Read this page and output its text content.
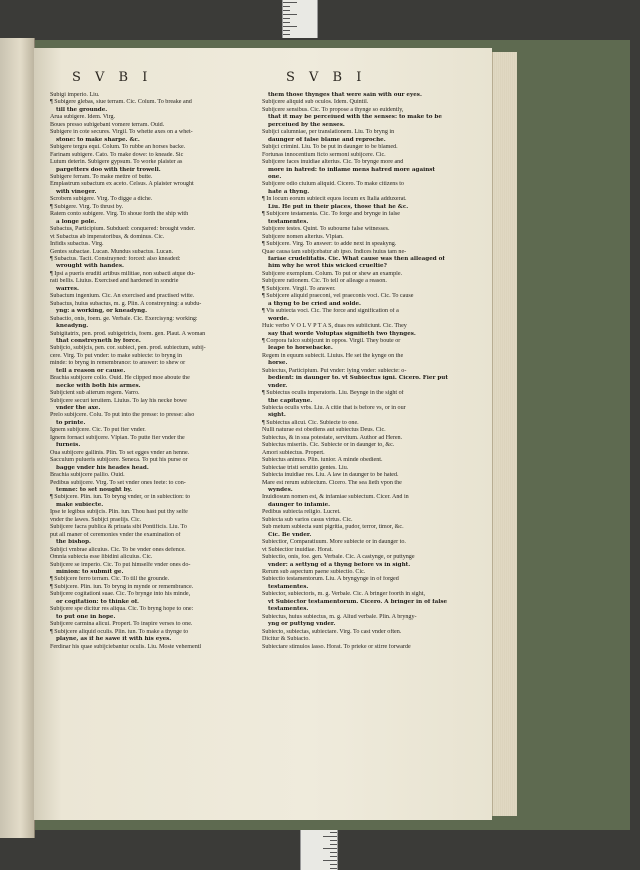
S V B I	S V B I
Subigi imperio. Liu.
¶ Subigere glebas, siue terram. Cic. Colum. To breake and
till the grounde.
Arua subigere. Idem. Virg.
Boues presso subigebant vomere terram. Ouid.
Subigere in cote secures. Virgil. To whette axes on a whet-
stone: to make sharpe. &c.
Subigere tergra equi. Colum. To rubbe an horses backe.
Farinam subigere. Cato. To make dowe: to kneade. Sic
Lutum deterin. Subigere gypsum. To worke plaister as
pargetters doo with their trowell.
Subigere ferram. To make mettre of butte.
Emplastrum subactum ex aceto. Celsus. A plaister wrought
with vineger.
Scrobem subigere. Virg. To digge a diche.
¶ Subigere. Virg. To thrust by.
Ratem conto subigere. Virg. To shoue forth the ship with
a longe pole.
Subactus, Participium. Subdued: conquered: brought vnder.
vt Subactus ab imperatoribus, & dominus. Cic.
Infidis subactus. Virg.
Gentes subactae. Lucan. Mundus subactus. Lucan.
¶ Subactus. Tacit. Constrayned: forced: also kneaded:
wrought with handes.
¶ Ipsi a pueris eruditi artibus militiae, non subacti atque du-
rati bellis. Liuius. Exercised and hardened in sondrie
warres.
Subactum ingenium. Cic. An exercised and practised witte.
Subactus, huius subactus, m. g. Plin. A constreyning: a subdu-
yng: a working, or kneadyng.
Subactio, onis, foem. ge. Verbale. Cic. Exercisyng: working:
kneadyng.
Subigitatrix, pen. prod. subigetricis, foem. gen. Plaut. A woman
that constreyneth by force.
Subijcio, subijcis, pen. cor. subieci, pen. prod. subiectum, subij-
cere. Virg. To put vnder: to make subiecte: to bryng in
minde: to bryng in remembrance: to answer: to shew or
tell a reason or cause.
Brachia subijcere collo. Ouid. He clipped moe aboute the
necke with both his armes.
Subijcient sub alterum regem. Varro.
Subijcere securi teruitem. Liuius. To lay his necke bowe
vnder the axe.
Prelo subijcere. Colu. To put into the presse: to presse: also
to printe.
Ignem subijcere. Cic. To put fier vnder.
Ignem fornaci subijcere. Vlpian. To putte fier vnder the
furneis.
Oua subijcere gallinis. Plin. To set egges vnder an henne.
Sacculum pulueris subijcere. Seneca. To put his purse or
bagge vnder his heades head.
Brachia subijcere pallio. Ouid.
Pedibus subijcere. Virg. To set vnder ones feete: to con-
temne: to set nought by.
¶ Subijcere. Plin. iun. To bryng vnder, or in subiection: to
make subiecte.
Ipse te legibus subijcis. Plin. iun. Thou hast put thy selfe
vnder the lawes. Subijci praelijs. Cic.
Subijcere facra publica & priuata sibi Pontificis. Liu. To
put all maner of ceremonies vnder the examination of
the bishop.
Subijci vmbrae alicuius. Cic. To be vnder ones defence.
Omnia subiecta esse libidini alicuius. Cic.
Subijcere se imperio. Cic. To put himselfe vnder ones do-
minion: to submit ge.
¶ Subijcere ferro terram. Cic. To till the grounde.
¶ Subijcere. Plin. iun. To bryng in mynde or remembrance.
Subijcere cogitationi suae. Cic. To brynge into his minde,
or cogitation: to thinke of.
Subijcere spe dicitur res aliqua. Cic. To bryng hope to one:
to put one in hope.
Subijcere carmina alicui. Propert. To inspire verses to one.
¶ Subijcere aliquid oculis. Plin. iun. To make a thynge to
playne, as if he sawe it with his eyes.
Ferdinar his quae subijciebantur oculis. Liu. Moste vehementl
them those thynges that were sain with our eyes.
Subijcere aliquid sub oculos. Idem. Quintil.
Subijcere sensibus. Cic. To propose a thynge so euidently,
that it may be perceiued with the senses: to make to be
perceiued by the senses.
Subijci calumniae, per translationem. Liu. To bryng in
daunger of false blame and reproche.
Subijci crimini. Liu. To be put in daunger to be blamed.
Fortunas innocentium ficto sermoni subijcere. Cic.
Subijcere faces inuidiae alterius. Cic. To brynge more and
more in hatred: to inflame mens hatred more against
one.
Subijcere odio ciuium aliquid. Cicero. To make citizens to
hate a thyng.
¶ In locum eorum subiecit equos locum ex Italia adduxerat.
Liu. He put in their places, those that he &c.
¶ Subijcere testamenta. Cic. To forge and brynge in false
testamentes.
Subijcere testes. Quint. To subourne false witnesses.
Subijcere nomen alterius. Vlpian.
¶ Subijcere. Virg. To answer: to adde next in speakyng.
Quae causa tam subijcebatur ab ipso. Indices huius tam ne-
fariae crudelitatis. Cic. What cause was then alleaged of
him why he wrot this wicked crueltie?
Subijcere exemplum. Colum. To put or shew an example.
Subijcere rationem. Cic. To tell or alleage a reason.
¶ Subijcere. Virgil. To answer.
¶ Subijcere aliquid praeconi, vel praeconis voci. Cic. To cause
a thyng to be cried and solde.
¶ Vis subiecta voci. Cic. The force and signification of a
worde.
Huic verbo V O L V P T A S, duas res subiiciunt. Cic. They
say that worde Voluptas signifieth two thynges.
¶ Corpora falco subijcunt in oppos. Virgil. They boute or
leape to horsebacke.
Regem in equum subiecit. Liuius. He set the kynge on the
horse.
Subiectus, Participium. Put vnder: lying vnder: subiecte: o-
bedient: in daunger to. vt Subiectus igni. Cicero. Fier put
vnder.
¶ Subiectus oculis imperatoris. Liu. Beynge in the sight of
the capitayne.
Subiecta oculis vrbs. Liu. A citie that is before vs, or in our
sight.
¶ Subiectus alicui. Cic. Subiecte to one.
Nulli naturae est obediens aut subiectus Deus. Cic.
Subiectus, & in sua potestate, servitum. Author ad Heren.
Subiectus miseriis. Cic. Subiecte or in daunger to, &c.
Amori subiectus. Propert.
Subiectus animus. Plin. iunior. A minde obedient.
Subiectae tristi seruitio gentes. Liu.
Subiecta inuidiae res. Liu. A law in daunger to be hated.
Mare est rerum subiectum. Cicero. The sea lieth vpon the
wyndes.
Inuidiosum nomen est, & infamiae subiectum. Cicer. And in
daunger to infamie.
Pedibus subiecta religio. Lucret.
Subiecta sub varios casus virtus. Cic.
Sub metum subiecta sunt pigritia, pudor, terror, timor, &c.
Cic. Be vnder.
Subiectior, Comparatiuum. More subiecte or in daunger to.
vt Subiectior inuidiae. Horat.
Subiectio, onis, foe. gen. Verbale. Cic. A castynge, or puttynge
vnder: a settyng of a thyng before vs in sight.
Rerum sub aspectum paene subiectio. Cic.
Subiectio testamentorum. Liu. A bryngynge in of forged
testamentes.
Subiector, subiectoris, m. g. Verbale. Cic. A bringer foorth in sight,
vt Subiector testamentorum. Cicero. A bringer in of false
testamentes.
Subiectus, huius subiectus, m. g. Aliud verbale. Plin. A bryngy-
yng or puttyng vnder.
Subiecto, subiectas, subiectare. Virg. To cast vnder often.
Dicitur & Subiacto.
Subiectare stimulos lasso. Horat. To prieke or stirre forwarde
